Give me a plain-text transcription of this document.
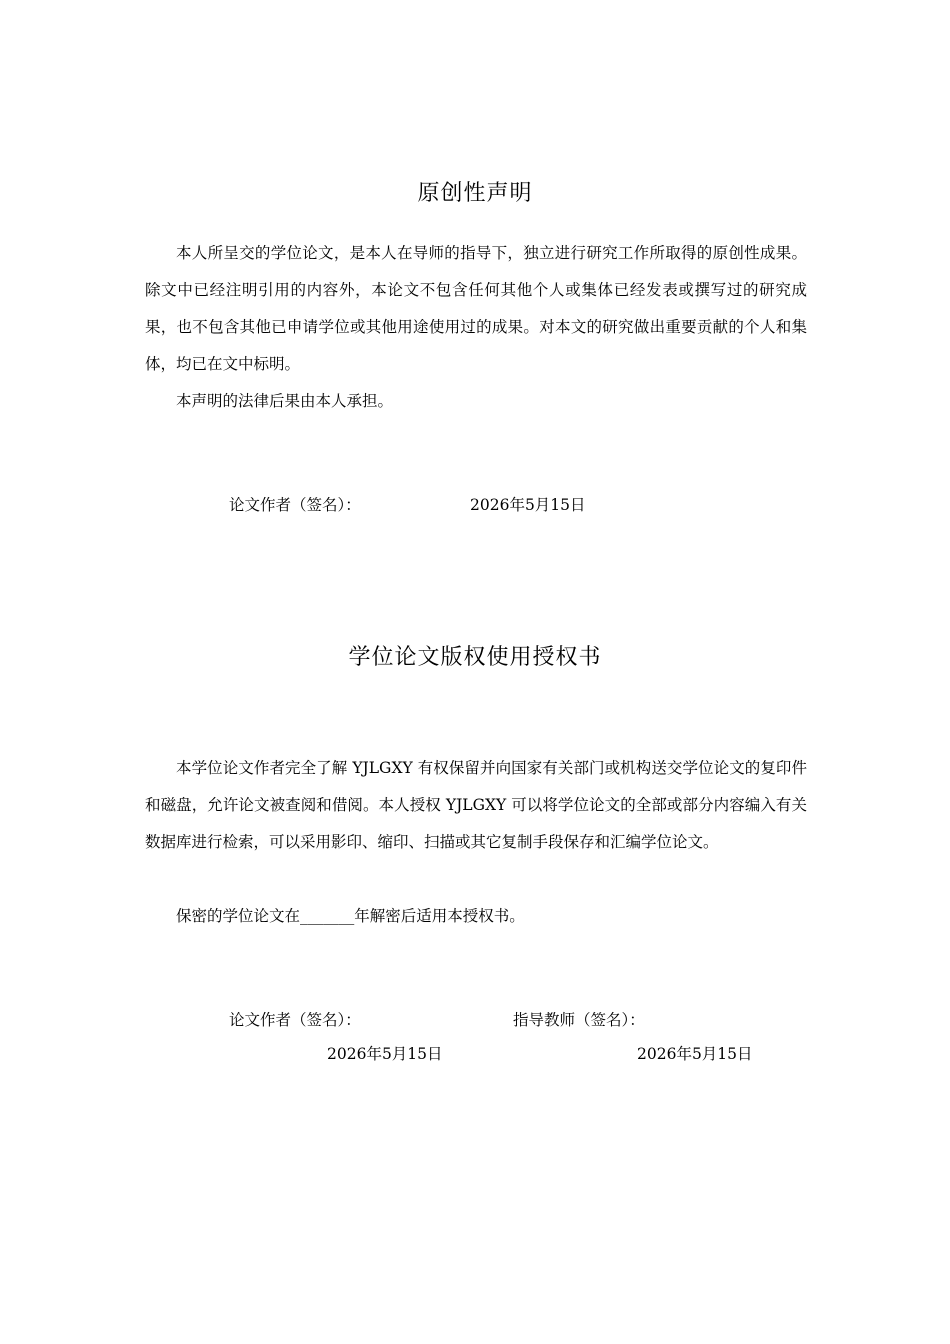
原创性声明

本人所呈交的学位论文，是本人在导师的指导下，独立进行研究工作所取得的原创性成果。除文中已经注明引用的内容外，本论文不包含任何其他个人或集体已经发表或撰写过的研究成果，也不包含其他已申请学位或其他用途使用过的成果。对本文的研究做出重要贡献的个人和集体，均已在文中标明。

本声明的法律后果由本人承担。

论文作者（签名）：	2026年5月15日
学位论文版权使用授权书

本学位论文作者完全了解 YJLGXY 有权保留并向国家有关部门或机构送交学位论文的复印件和磁盘，允许论文被查阅和借阅。本人授权 YJLGXY 可以将学位论文的全部或部分内容编入有关数据库进行检索，可以采用影印、缩印、扫描或其它复制手段保存和汇编学位论文。

保密的学位论文在_______年解密后适用本授权书。

论文作者（签名）：	指导教师（签名）：
2026年5月15日	2026年5月15日
